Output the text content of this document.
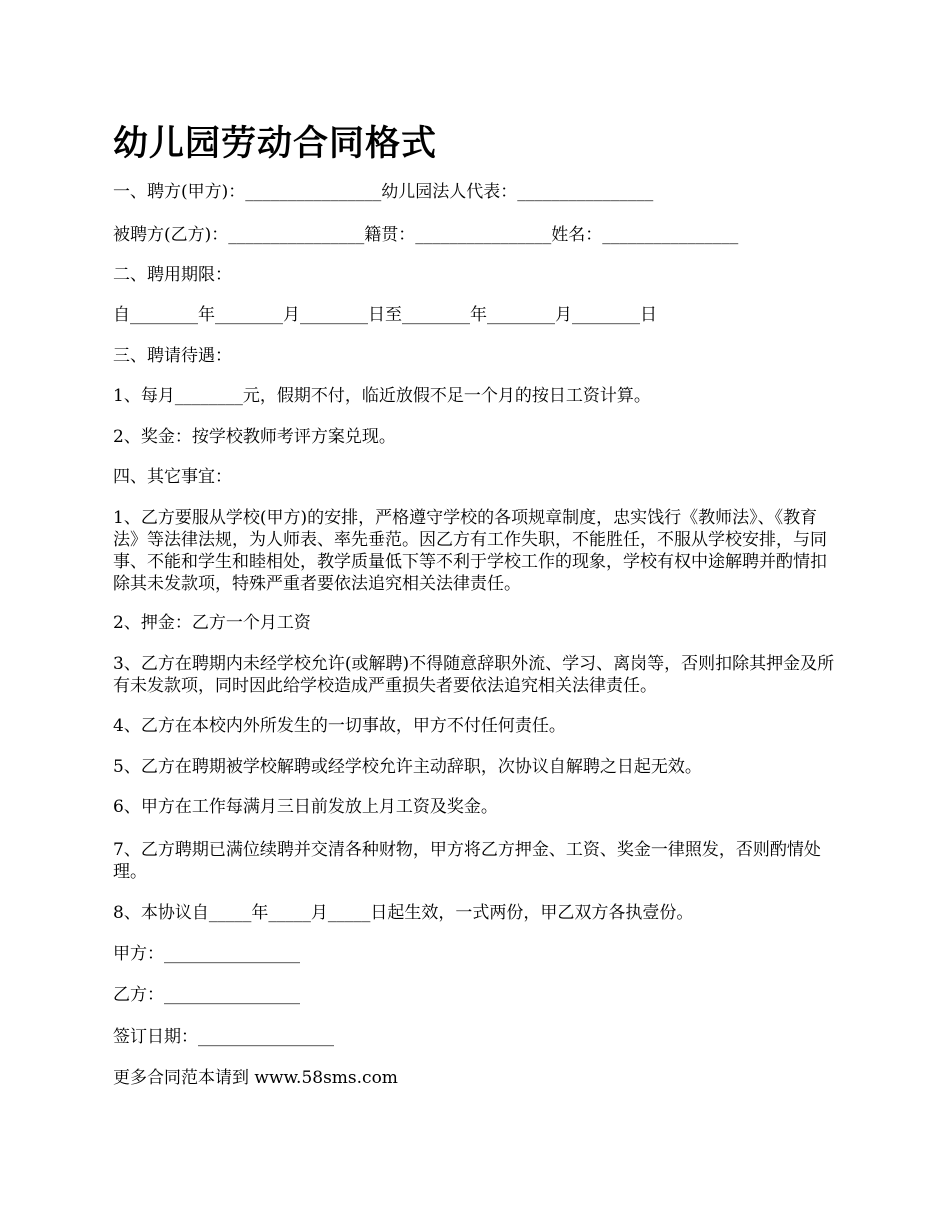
幼儿园劳动合同格式

一、聘方(甲方)：________________幼儿园法人代表：________________

被聘方(乙方)：________________籍贯：________________姓名：________________

二、聘用期限：

自________年________月________日至________年________月________日

三、聘请待遇：

1、每月________元，假期不付，临近放假不足一个月的按日工资计算。

2、奖金：按学校教师考评方案兑现。

四、其它事宜：

1、乙方要服从学校(甲方)的安排，严格遵守学校的各项规章制度，忠实饯行《教师法》、《教育法》等法律法规，为人师表、率先垂范。因乙方有工作失职，不能胜任，不服从学校安排，与同事、不能和学生和睦相处，教学质量低下等不利于学校工作的现象，学校有权中途解聘并酌情扣除其未发款项，特殊严重者要依法追究相关法律责任。

2、押金：乙方一个月工资

3、乙方在聘期内未经学校允许(或解聘)不得随意辞职外流、学习、离岗等，否则扣除其押金及所有未发款项，同时因此给学校造成严重损失者要依法追究相关法律责任。

4、乙方在本校内外所发生的一切事故，甲方不付任何责任。

5、乙方在聘期被学校解聘或经学校允许主动辞职，次协议自解聘之日起无效。

6、甲方在工作每满月三日前发放上月工资及奖金。

7、乙方聘期已满位续聘并交清各种财物，甲方将乙方押金、工资、奖金一律照发，否则酌情处理。

8、本协议自_____年_____月_____日起生效，一式两份，甲乙双方各执壹份。

甲方：________________

乙方：________________

签订日期：________________

更多合同范本请到 www.58sms.com
